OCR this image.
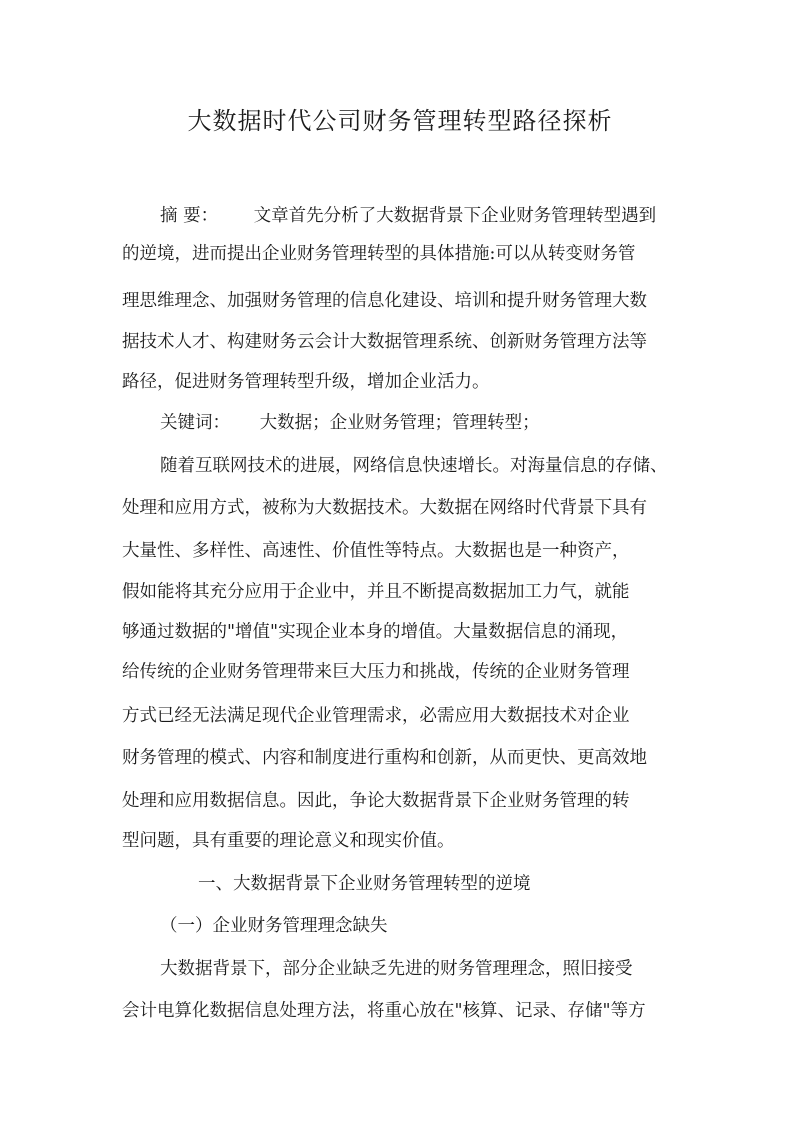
大数据时代公司财务管理转型路径探析
摘 要： 文章首先分析了大数据背景下企业财务管理转型遇到
的逆境，进而提出企业财务管理转型的具体措施:可以从转变财务管
理思维理念、加强财务管理的信息化建设、培训和提升财务管理大数
据技术人才、构建财务云会计大数据管理系统、创新财务管理方法等
路径，促进财务管理转型升级，增加企业活力。
关键词： 大数据；企业财务管理；管理转型；
随着互联网技术的进展，网络信息快速增长。对海量信息的存储、
处理和应用方式，被称为大数据技术。大数据在网络时代背景下具有
大量性、多样性、高速性、价值性等特点。大数据也是一种资产，
假如能将其充分应用于企业中，并且不断提高数据加工力气，就能
够通过数据的"增值"实现企业本身的增值。大量数据信息的涌现，
给传统的企业财务管理带来巨大压力和挑战，传统的企业财务管理
方式已经无法满足现代企业管理需求，必需应用大数据技术对企业
财务管理的模式、内容和制度进行重构和创新，从而更快、更高效地
处理和应用数据信息。因此，争论大数据背景下企业财务管理的转
型问题，具有重要的理论意义和现实价值。
一、大数据背景下企业财务管理转型的逆境
（一）企业财务管理理念缺失
大数据背景下，部分企业缺乏先进的财务管理理念，照旧接受
会计电算化数据信息处理方法，将重心放在"核算、记录、存储"等方
